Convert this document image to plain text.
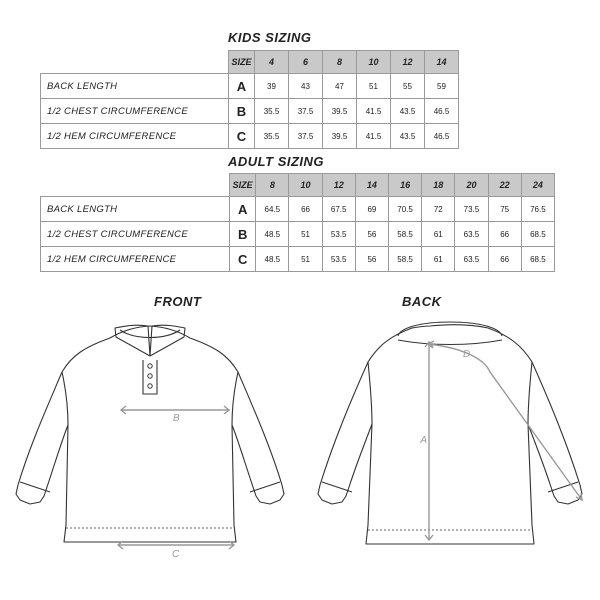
KIDS SIZING
	SIZE	4	6	8	10	12	14
BACK LENGTH	A	39	43	47	51	55	59
1/2 CHEST CIRCUMFERENCE	B	35.5	37.5	39.5	41.5	43.5	46.5
1/2 HEM CIRCUMFERENCE	C	35.5	37.5	39.5	41.5	43.5	46.5
ADULT SIZING
	SIZE	8	10	12	14	16	18	20	22	24
BACK LENGTH	A	64.5	66	67.5	69	70.5	72	73.5	75	76.5
1/2 CHEST CIRCUMFERENCE	B	48.5	51	53.5	56	58.5	61	63.5	66	68.5
1/2 HEM CIRCUMFERENCE	C	48.5	51	53.5	56	58.5	61	63.5	66	68.5
FRONT	BACK
B
C
A
D
